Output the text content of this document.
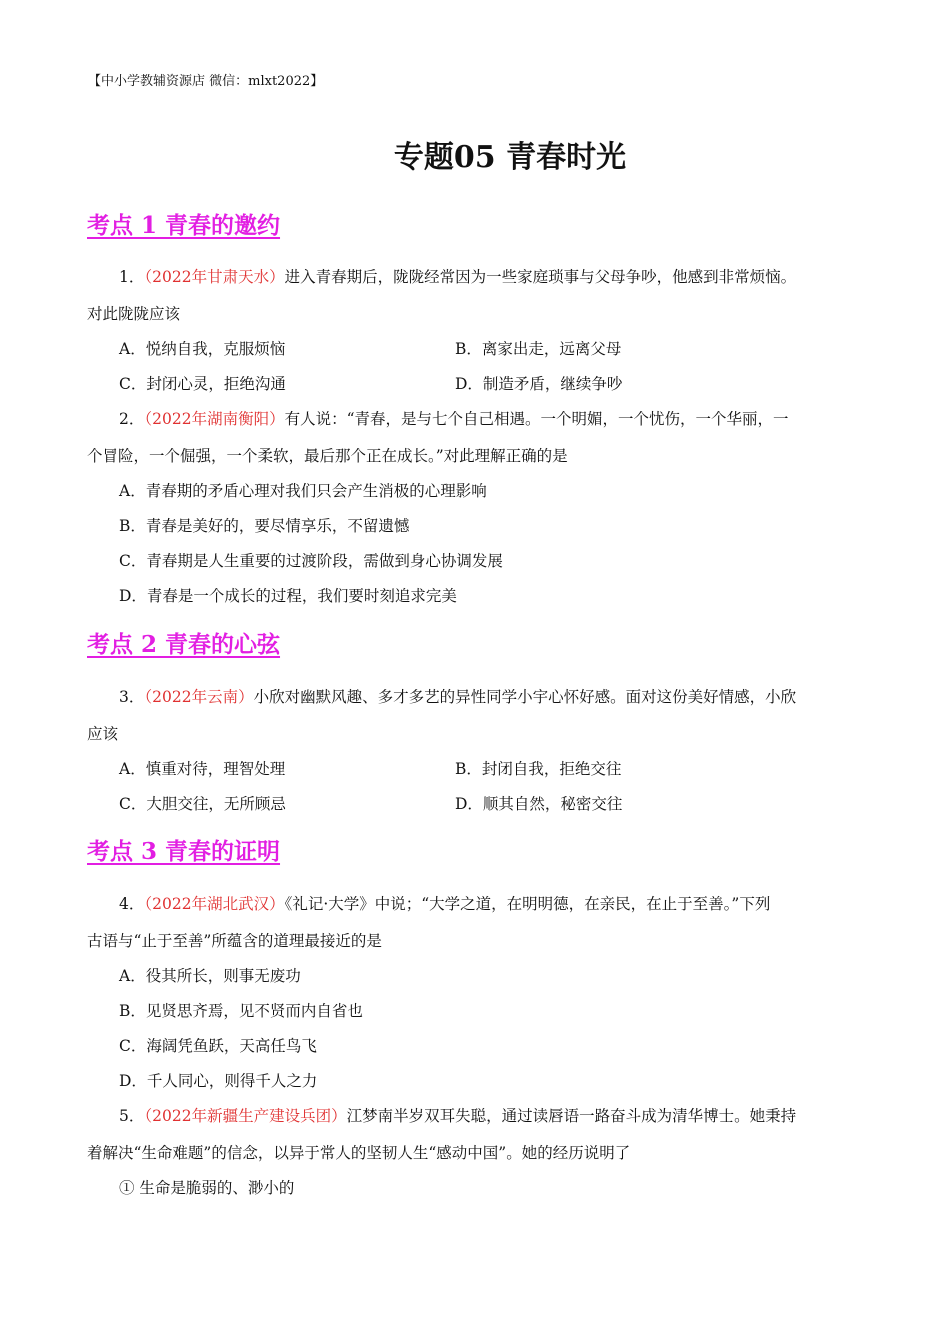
【中小学教辅资源店 微信：mlxt2022】
专题05 青春时光
考点 1 青春的邀约
1．（2022年甘肃天水）进入青春期后，陇陇经常因为一些家庭琐事与父母争吵，他感到非常烦恼。
对此陇陇应该
A．悦纳自我，克服烦恼	B．离家出走，远离父母
C．封闭心灵，拒绝沟通	D．制造矛盾，继续争吵
2．（2022年湖南衡阳）有人说：“青春，是与七个自己相遇。一个明媚，一个忧伤，一个华丽，一
个冒险，一个倔强，一个柔软，最后那个正在成长。”对此理解正确的是
A．青春期的矛盾心理对我们只会产生消极的心理影响
B．青春是美好的，要尽情享乐，不留遗憾
C．青春期是人生重要的过渡阶段，需做到身心协调发展
D．青春是一个成长的过程，我们要时刻追求完美
考点 2 青春的心弦
3．（2022年云南）小欣对幽默风趣、多才多艺的异性同学小宇心怀好感。面对这份美好情感，小欣
应该
A．慎重对待，理智处理	B．封闭自我，拒绝交往
C．大胆交往，无所顾忌	D．顺其自然，秘密交往
考点 3 青春的证明
4．（2022年湖北武汉）《礼记·大学》中说；“大学之道，在明明德，在亲民，在止于至善。”下列
古语与“止于至善”所蕴含的道理最接近的是
A．役其所长，则事无废功
B．见贤思齐焉，见不贤而内自省也
C．海阔凭鱼跃，天高任鸟飞
D．千人同心，则得千人之力
5．（2022年新疆生产建设兵团）江梦南半岁双耳失聪，通过读唇语一路奋斗成为清华博士。她秉持
着解决“生命难题”的信念，以异于常人的坚韧人生“感动中国”。她的经历说明了
① 生命是脆弱的、渺小的
